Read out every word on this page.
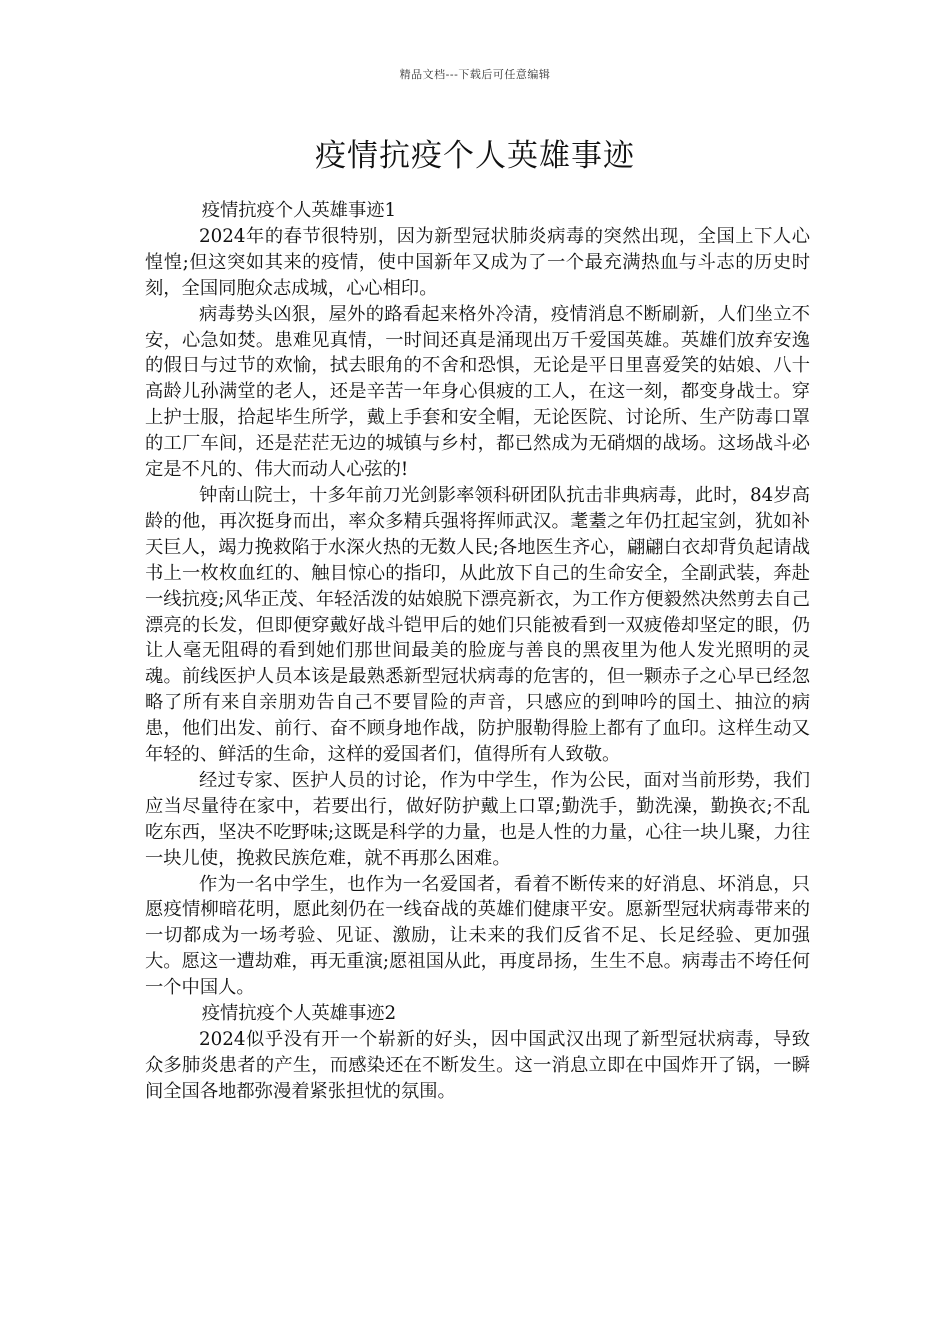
精品文档---下载后可任意编辑
疫情抗疫个人英雄事迹

疫情抗疫个人英雄事迹1

2024年的春节很特别，因为新型冠状肺炎病毒的突然出现，全国上下人心惶惶;但这突如其来的疫情，使中国新年又成为了一个最充满热血与斗志的历史时刻，全国同胞众志成城，心心相印。

病毒势头凶狠，屋外的路看起来格外冷清，疫情消息不断刷新，人们坐立不安，心急如焚。患难见真情，一时间还真是涌现出万千爱国英雄。英雄们放弃安逸的假日与过节的欢愉，拭去眼角的不舍和恐惧，无论是平日里喜爱笑的姑娘、八十高龄儿孙满堂的老人，还是辛苦一年身心俱疲的工人，在这一刻，都变身战士。穿上护士服，拾起毕生所学，戴上手套和安全帽，无论医院、讨论所、生产防毒口罩的工厂车间，还是茫茫无边的城镇与乡村，都已然成为无硝烟的战场。这场战斗必定是不凡的、伟大而动人心弦的!

钟南山院士，十多年前刀光剑影率领科研团队抗击非典病毒，此时，84岁高龄的他，再次挺身而出，率众多精兵强将挥师武汉。耄耋之年仍扛起宝剑，犹如补天巨人，竭力挽救陷于水深火热的无数人民;各地医生齐心，翩翩白衣却背负起请战书上一枚枚血红的、触目惊心的指印，从此放下自己的生命安全，全副武装，奔赴一线抗疫;风华正茂、年轻活泼的姑娘脱下漂亮新衣，为工作方便毅然决然剪去自己漂亮的长发，但即便穿戴好战斗铠甲后的她们只能被看到一双疲倦却坚定的眼，仍让人毫无阻碍的看到她们那世间最美的脸庞与善良的黑夜里为他人发光照明的灵魂。前线医护人员本该是最熟悉新型冠状病毒的危害的，但一颗赤子之心早已经忽略了所有来自亲朋劝告自己不要冒险的声音，只感应的到呻吟的国土、抽泣的病患，他们出发、前行、奋不顾身地作战，防护服勒得脸上都有了血印。这样生动又年轻的、鲜活的生命，这样的爱国者们，值得所有人致敬。

经过专家、医护人员的讨论，作为中学生，作为公民，面对当前形势，我们应当尽量待在家中，若要出行，做好防护戴上口罩;勤洗手，勤洗澡，勤换衣;不乱吃东西，坚决不吃野味;这既是科学的力量，也是人性的力量，心往一块儿聚，力往一块儿使，挽救民族危难，就不再那么困难。

作为一名中学生，也作为一名爱国者，看着不断传来的好消息、坏消息，只愿疫情柳暗花明，愿此刻仍在一线奋战的英雄们健康平安。愿新型冠状病毒带来的一切都成为一场考验、见证、激励，让未来的我们反省不足、长足经验、更加强大。愿这一遭劫难，再无重演;愿祖国从此，再度昂扬，生生不息。病毒击不垮任何一个中国人。

疫情抗疫个人英雄事迹2

2024似乎没有开一个崭新的好头，因中国武汉出现了新型冠状病毒，导致众多肺炎患者的产生，而感染还在不断发生。这一消息立即在中国炸开了锅，一瞬间全国各地都弥漫着紧张担忧的氛围。
